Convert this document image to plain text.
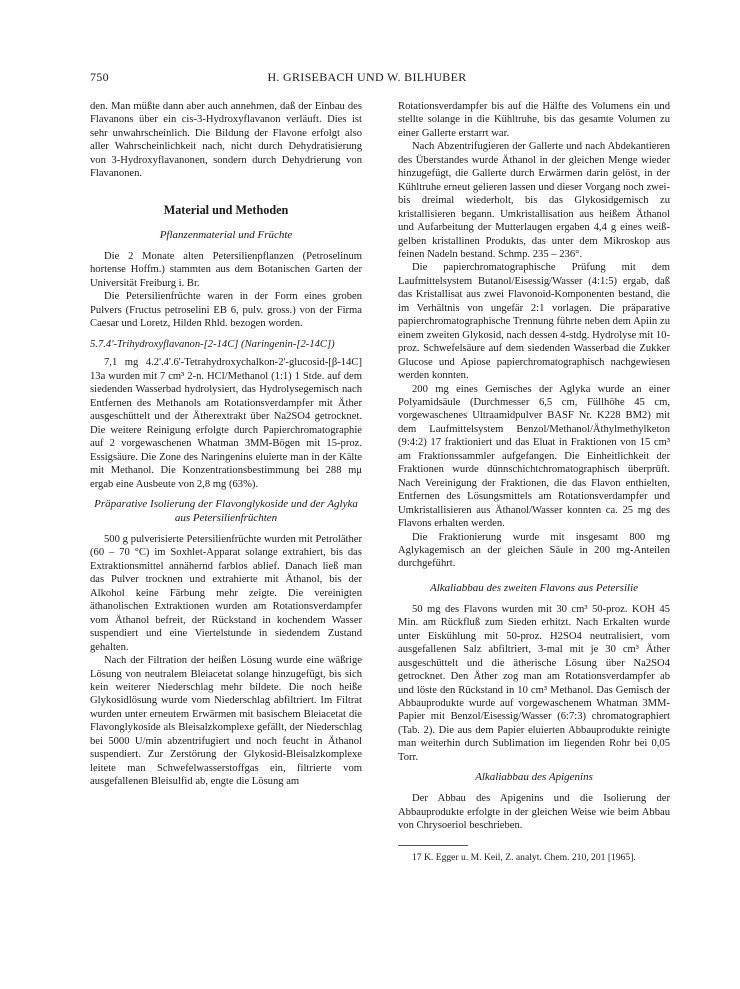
750	H. GRISEBACH UND W. BILHUBER

den. Man müßte dann aber auch annehmen, daß der Einbau des Flavanons über ein cis-3-Hydroxyflavanon verläuft. Dies ist sehr unwahrscheinlich. Die Bildung der Flavone erfolgt also aller Wahrscheinlichkeit nach, nicht durch Dehydratisierung von 3-Hydroxyflavanonen, sondern durch Dehydrierung von Flavanonen.

Material und Methoden
Pflanzenmaterial und Früchte

Die 2 Monate alten Petersilienpflanzen (Petroselinum hortense Hoffm.) stammten aus dem Botanischen Garten der Universität Freiburg i. Br.

Die Petersilienfrüchte waren in der Form eines groben Pulvers (Fructus petroselini EB 6, pulv. gross.) von der Firma Caesar und Loretz, Hilden Rhld. bezogen worden.

5.7.4'-Trihydroxyflavanon-[2-14C] (Naringenin-[2-14C])

7,1 mg 4.2'.4'.6'-Tetrahydroxychalkon-2'-glucosid-[β-14C] 13a wurden mit 7 cm³ 2-n. HCl/Methanol (1:1) 1 Stde. auf dem siedenden Wasserbad hydrolysiert, das Hydrolysegemisch nach Entfernen des Methanols am Rotationsverdampfer mit Äther ausgeschüttelt und der Ätherextrakt über Na2SO4 getrocknet. Die weitere Reinigung erfolgte durch Papierchromatographie auf 2 vorgewaschenen Whatman 3MM-Bögen mit 15-proz. Essigsäure. Die Zone des Naringenins eluierte man in der Kälte mit Methanol. Die Konzentrationsbestimmung bei 288 mμ ergab eine Ausbeute von 2,8 mg (63%).

Präparative Isolierung der Flavonglykoside und der Aglyka aus Petersilienfrüchten

500 g pulverisierte Petersilienfrüchte wurden mit Petroläther (60 – 70 °C) im Soxhlet-Apparat solange extrahiert, bis das Extraktionsmittel annähernd farblos ablief. Danach ließ man das Pulver trocknen und extrahierte mit Äthanol, bis der Alkohol keine Färbung mehr zeigte. Die vereinigten äthanolischen Extraktionen wurden am Rotationsverdampfer vom Äthanol befreit, der Rückstand in kochendem Wasser suspendiert und eine Viertelstunde in siedendem Zustand gehalten.

Nach der Filtration der heißen Lösung wurde eine wäßrige Lösung von neutralem Bleiacetat solange hinzugefügt, bis sich kein weiterer Niederschlag mehr bildete. Die noch heiße Glykosidlösung wurde vom Niederschlag abfiltriert. Im Filtrat wurden unter erneutem Erwärmen mit basischem Bleiacetat die Flavonglykoside als Bleisalzkomplexe gefällt, der Niederschlag bei 5000 U/min abzentrifugiert und noch feucht in Äthanol suspendiert. Zur Zerstörung der Glykosid-Bleisalzkomplexe leitete man Schwefelwasserstoffgas ein, filtrierte vom ausgefallenen Bleisulfid ab, engte die Lösung am

Rotationsverdampfer bis auf die Hälfte des Volumens ein und stellte solange in die Kühltruhe, bis das gesamte Volumen zu einer Gallerte erstarrt war.

Nach Abzentrifugieren der Gallerte und nach Abdekantieren des Überstandes wurde Äthanol in der gleichen Menge wieder hinzugefügt, die Gallerte durch Erwärmen darin gelöst, in der Kühltruhe erneut gelieren lassen und dieser Vorgang noch zwei- bis dreimal wiederholt, bis das Glykosidgemisch zu kristallisieren begann. Umkristallisation aus heißem Äthanol und Aufarbeitung der Mutterlaugen ergaben 4,4 g eines weiß-gelben kristallinen Produkts, das unter dem Mikroskop aus feinen Nadeln bestand. Schmp. 235 – 236°.

Die papierchromatographische Prüfung mit dem Laufmittelsystem Butanol/Eisessig/Wasser (4:1:5) ergab, daß das Kristallisat aus zwei Flavonoid-Komponenten bestand, die im Verhältnis von ungefär 2:1 vorlagen. Die präparative papierchromatographische Trennung führte neben dem Apiin zu einem zweiten Glykosid, nach dessen 4-stdg. Hydrolyse mit 10-proz. Schwefelsäure auf dem siedenden Wasserbad die Zukker Glucose und Apiose papierchromatographisch nachgewiesen werden konnten.

200 mg eines Gemisches der Aglyka wurde an einer Polyamidsäule (Durchmesser 6,5 cm, Füllhöhe 45 cm, vorgewaschenes Ultraamidpulver BASF Nr. K228 BM2) mit dem Laufmittelsystem Benzol/Methanol/Äthylmethylketon (9:4:2) 17 fraktioniert und das Eluat in Fraktionen von 15 cm³ am Fraktionssammler aufgefangen. Die Einheitlichkeit der Fraktionen wurde dünnschichtchromatographisch überprüft. Nach Vereinigung der Fraktionen, die das Flavon enthielten, Entfernen des Lösungsmittels am Rotationsverdampfer und Umkristallisieren aus Äthanol/Wasser konnten ca. 25 mg des Flavons erhalten werden.

Die Fraktionierung wurde mit insgesamt 800 mg Aglykagemisch an der gleichen Säule in 200 mg-Anteilen durchgeführt.

Alkaliabbau des zweiten Flavons aus Petersilie

50 mg des Flavons wurden mit 30 cm³ 50-proz. KOH 45 Min. am Rückfluß zum Sieden erhitzt. Nach Erkalten wurde unter Eiskühlung mit 50-proz. H2SO4 neutralisiert, vom ausgefallenen Salz abfiltriert, 3-mal mit je 30 cm³ Äther ausgeschüttelt und die ätherische Lösung über Na2SO4 getrocknet. Den Äther zog man am Rotationsverdampfer ab und löste den Rückstand in 10 cm³ Methanol. Das Gemisch der Abbauprodukte wurde auf vorgewaschenem Whatman 3MM-Papier mit Benzol/Eisessig/Wasser (6:7:3) chromatographiert (Tab. 2). Die aus dem Papier eluierten Abbauprodukte reinigte man weiterhin durch Sublimation im liegenden Rohr bei 0,05 Torr.

Alkaliabbau des Apigenins

Der Abbau des Apigenins und die Isolierung der Abbauprodukte erfolgte in der gleichen Weise wie beim Abbau von Chrysoeriol beschrieben.

17 K. Egger u. M. Keil, Z. analyt. Chem. 210, 201 [1965].
